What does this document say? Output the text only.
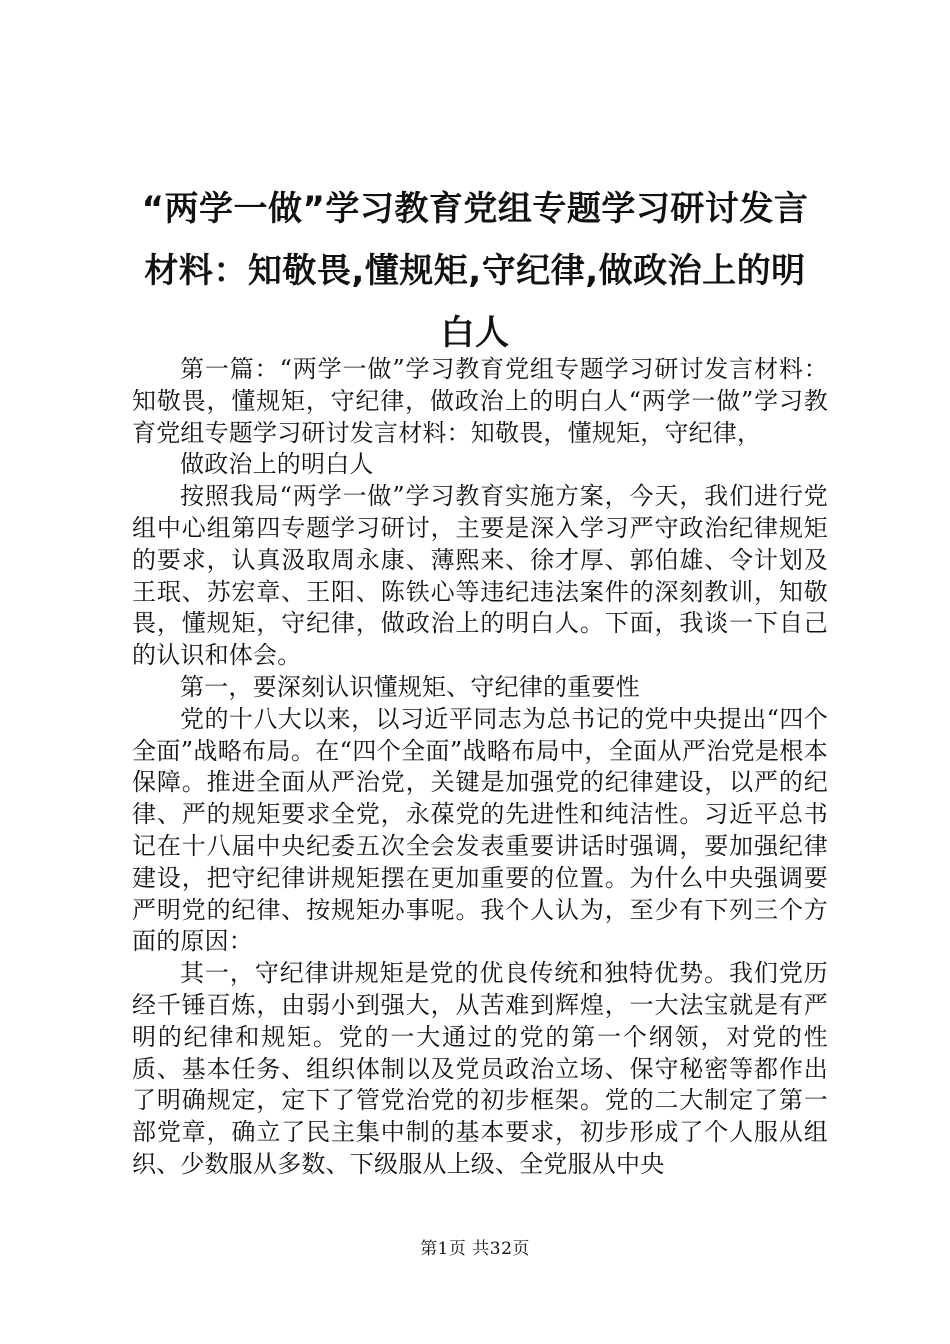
“两学一做”学习教育党组专题学习研讨发言材料：知敬畏,懂规矩,守纪律,做政治上的明白人

第一篇：“两学一做”学习教育党组专题学习研讨发言材料：知敬畏，懂规矩，守纪律，做政治上的明白人“两学一做”学习教育党组专题学习研讨发言材料：知敬畏，懂规矩，守纪律，

做政治上的明白人

按照我局“两学一做”学习教育实施方案，今天，我们进行党组中心组第四专题学习研讨，主要是深入学习严守政治纪律规矩的要求，认真汲取周永康、薄熙来、徐才厚、郭伯雄、令计划及王珉、苏宏章、王阳、陈铁心等违纪违法案件的深刻教训，知敬畏，懂规矩，守纪律，做政治上的明白人。下面，我谈一下自己的认识和体会。

第一，要深刻认识懂规矩、守纪律的重要性

党的十八大以来，以习近平同志为总书记的党中央提出“四个全面”战略布局。在“四个全面”战略布局中，全面从严治党是根本保障。推进全面从严治党，关键是加强党的纪律建设，以严的纪律、严的规矩要求全党，永葆党的先进性和纯洁性。习近平总书记在十八届中央纪委五次全会发表重要讲话时强调，要加强纪律建设，把守纪律讲规矩摆在更加重要的位置。为什么中央强调要严明党的纪律、按规矩办事呢。我个人认为，至少有下列三个方面的原因：

其一，守纪律讲规矩是党的优良传统和独特优势。我们党历经千锤百炼，由弱小到强大，从苦难到辉煌，一大法宝就是有严明的纪律和规矩。党的一大通过的党的第一个纲领，对党的性质、基本任务、组织体制以及党员政治立场、保守秘密等都作出了明确规定，定下了管党治党的初步框架。党的二大制定了第一部党章，确立了民主集中制的基本要求，初步形成了个人服从组织、少数服从多数、下级服从上级、全党服从中央

第1页 共32页
